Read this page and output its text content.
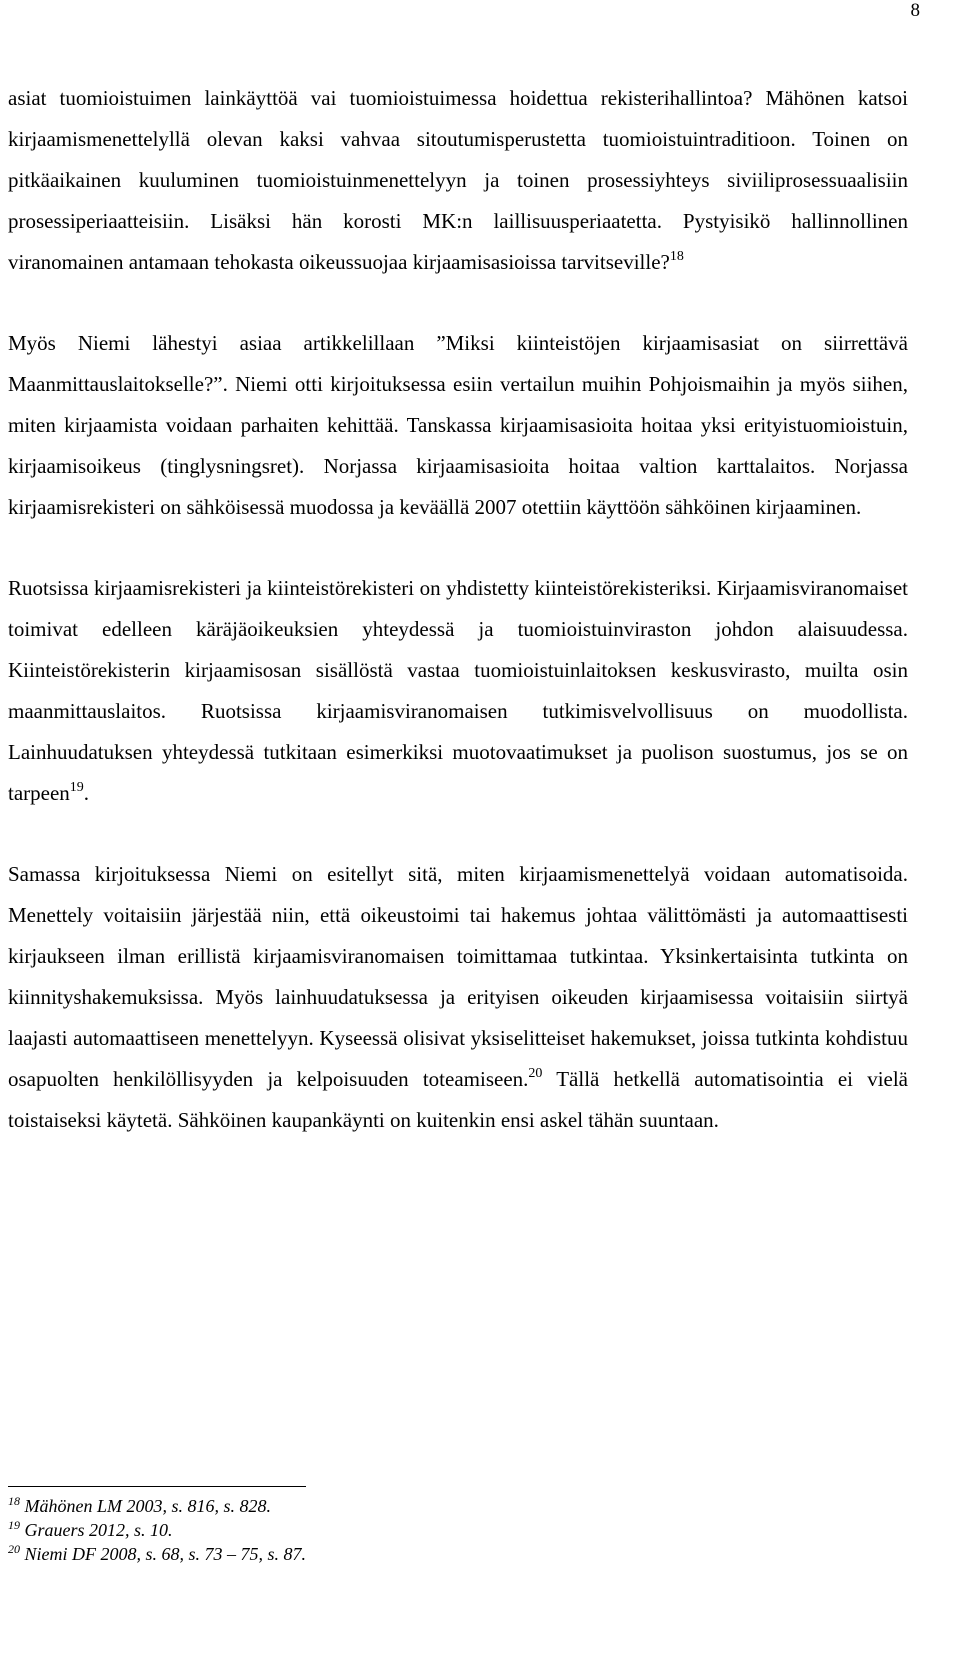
8

asiat tuomioistuimen lainkäyttöä vai tuomioistuimessa hoidettua rekisterihallintoa? Mähönen katsoi kirjaamismenettelyllä olevan kaksi vahvaa sitoutumisperustetta tuomioistuintraditioon. Toinen on pitkäaikainen kuuluminen tuomioistuinmenettelyyn ja toinen prosessiyhteys siviiliprosessuaalisiin prosessiperiaatteisiin. Lisäksi hän korosti MK:n laillisuusperiaatetta. Pystyisikö hallinnollinen viranomainen antamaan tehokasta oikeussuojaa kirjaamisasioissa tarvitseville?$^{18}$

Myös Niemi lähestyi asiaa artikkelillaan ”Miksi kiinteistöjen kirjaamisasiat on siirrettävä Maanmittauslaitokselle?”. Niemi otti kirjoituksessa esiin vertailun muihin Pohjoismaihin ja myös siihen, miten kirjaamista voidaan parhaiten kehittää. Tanskassa kirjaamisasioita hoitaa yksi erityistuomioistuin, kirjaamisoikeus (tinglysningsret). Norjassa kirjaamisasioita hoitaa valtion karttalaitos. Norjassa kirjaamisrekisteri on sähköisessä muodossa ja keväällä 2007 otettiin käyttöön sähköinen kirjaaminen.

Ruotsissa kirjaamisrekisteri ja kiinteistörekisteri on yhdistetty kiinteistörekisteriksi. Kirjaamisviranomaiset toimivat edelleen käräjäoikeuksien yhteydessä ja tuomioistuinviraston johdon alaisuudessa. Kiinteistörekisterin kirjaamisosan sisällöstä vastaa tuomioistuinlaitoksen keskusvirasto, muilta osin maanmittauslaitos. Ruotsissa kirjaamisviranomaisen tutkimisvelvollisuus on muodollista. Lainhuudatuksen yhteydessä tutkitaan esimerkiksi muotovaatimukset ja puolison suostumus, jos se on tarpeen$^{19}$.

Samassa kirjoituksessa Niemi on esitellyt sitä, miten kirjaamismenettelyä voidaan automatisoida. Menettely voitaisiin järjestää niin, että oikeustoimi tai hakemus johtaa välittömästi ja automaattisesti kirjaukseen ilman erillistä kirjaamisviranomaisen toimittamaa tutkintaa. Yksinkertaisinta tutkinta on kiinnityshakemuksissa. Myös lainhuudatuksessa ja erityisen oikeuden kirjaamisessa voitaisiin siirtyä laajasti automaattiseen menettelyyn. Kyseessä olisivat yksiselitteiset hakemukset, joissa tutkinta kohdistuu osapuolten henkilöllisyyden ja kelpoisuuden toteamiseen.$^{20}$ Tällä hetkellä automatisointia ei vielä toistaiseksi käytetä. Sähköinen kaupankäynti on kuitenkin ensi askel tähän suuntaan.

$^{18}$ Mähönen LM 2003, s. 816, s. 828.
$^{19}$ Grauers 2012, s. 10.
$^{20}$ Niemi DF 2008, s. 68, s. 73 – 75, s. 87.
